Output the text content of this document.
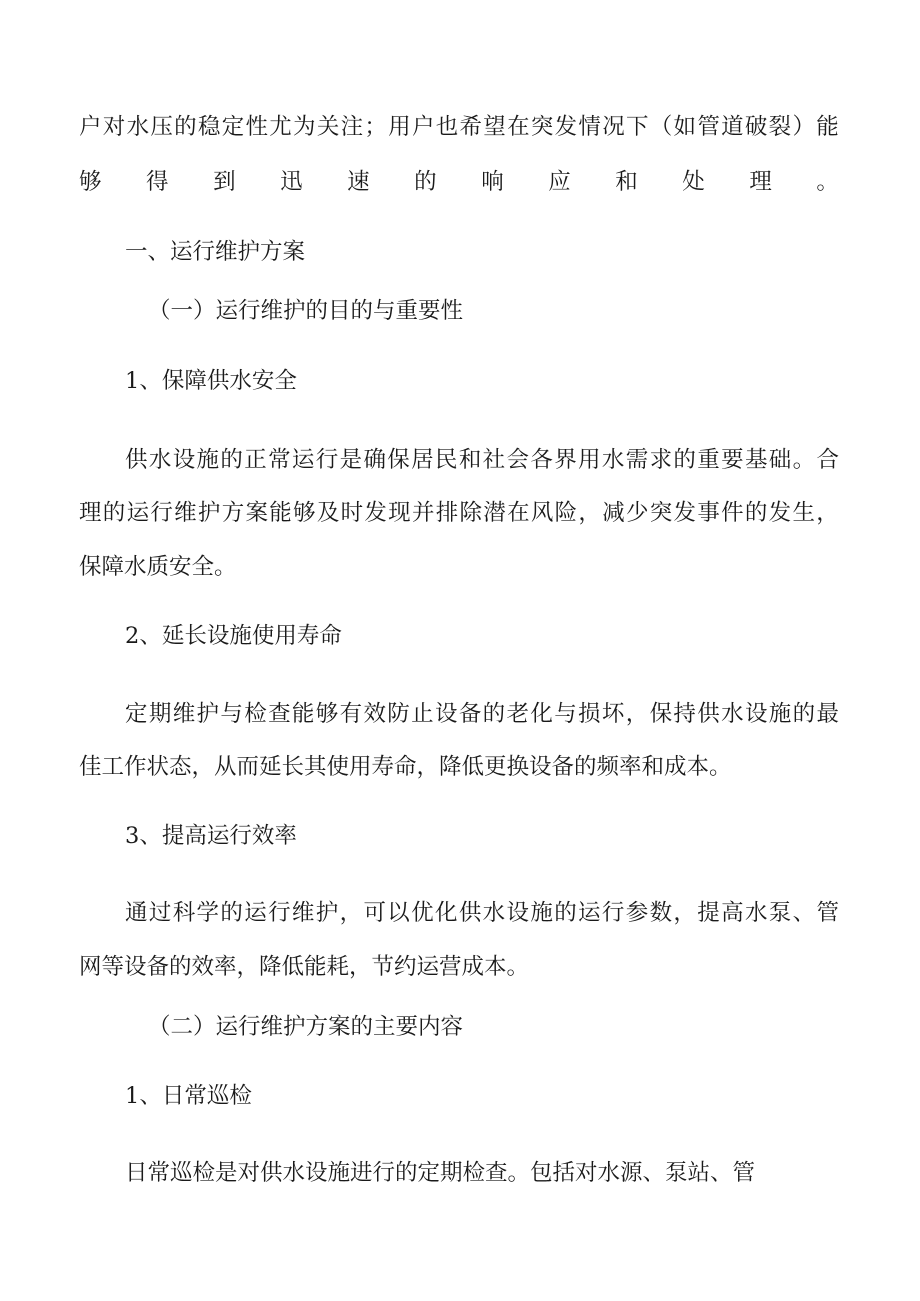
户 对 水 压 的 稳 定 性 尤 为 关 注 ； 用 户 也 希 望 在 突 发 情 况 下 （ 如 管 道 破 裂 ） 能
够 得 到 迅 速 的 响 应 和 处 理 。
一、运行维护方案
（一）运行维护的目的与重要性
1、保障供水安全
供 水 设 施 的 正 常 运 行 是 确 保 居 民 和 社 会 各 界 用 水 需 求 的 重 要 基 础 。 合
理 的 运 行 维 护 方 案 能 够 及 时 发 现 并 排 除 潜 在 风 险 ， 减 少 突 发 事 件 的 发 生 ，
保障水质安全。
2、延长设施使用寿命
定 期 维 护 与 检 查 能 够 有 效 防 止 设 备 的 老 化 与 损 坏 ， 保 持 供 水 设 施 的 最
佳工作状态，从而延长其使用寿命，降低更换设备的频率和成本。
3、提高运行效率
通 过 科 学 的 运 行 维 护 ， 可 以 优 化 供 水 设 施 的 运 行 参 数 ， 提 高 水 泵 、 管
网等设备的效率，降低能耗，节约运营成本。
（二）运行维护方案的主要内容
1、日常巡检
日常巡检是对供水设施进行的定期检查。包括对水源、泵站、管
